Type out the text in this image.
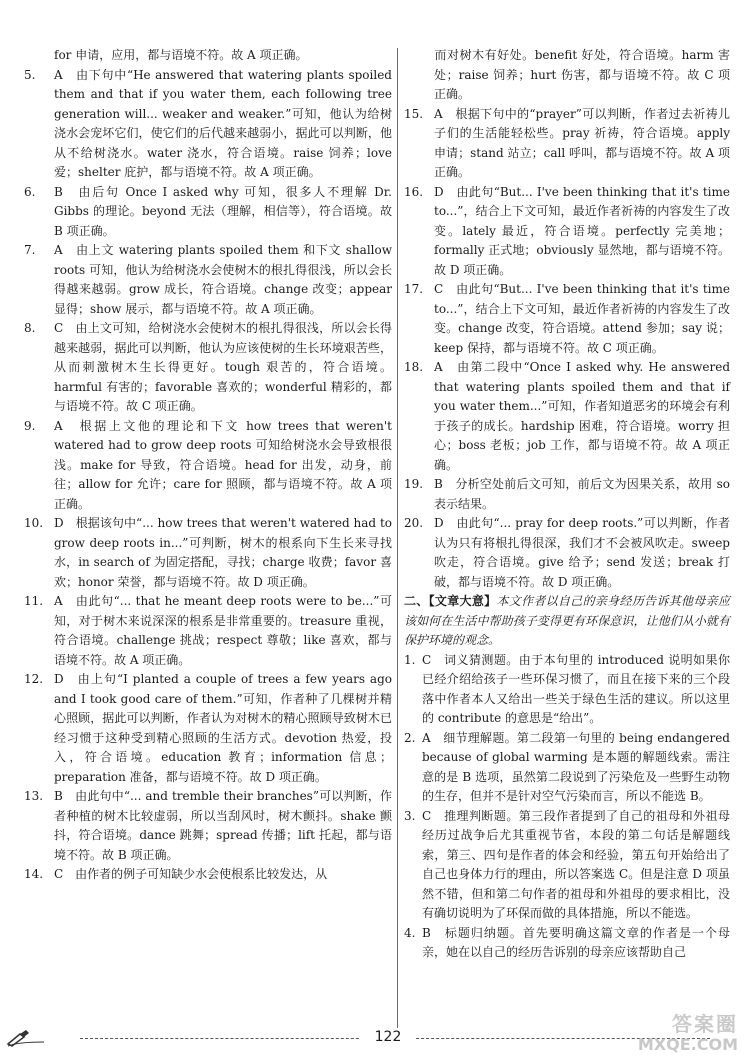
for 申请，应用，都与语境不符。故 A 项正确。

5. A　由下句中“He answered that watering plants spoiled them and that if you water them, each following tree generation will... weaker and weaker.”可知，他认为给树浇水会宠坏它们，使它们的后代越来越弱小，据此可以判断，他从不给树浇水。water 浇水，符合语境。raise 饲养；love 爱；shelter 庇护，都与语境不符。故 A 项正确。

6. B　由后句 Once I asked why 可知，很多人不理解 Dr. Gibbs 的理论。beyond 无法（理解，相信等），符合语境。故 B 项正确。

7. A　由上文 watering plants spoiled them 和下文 shallow roots 可知，他认为给树浇水会使树木的根扎得很浅，所以会长得越来越弱。grow 成长，符合语境。change 改变；appear 显得；show 展示，都与语境不符。故 A 项正确。

8. C　由上文可知，给树浇水会使树木的根扎得很浅，所以会长得越来越弱，据此可以判断，他认为应该使树的生长环境艰苦些，从而刺激树木生长得更好。tough 艰苦的，符合语境。harmful 有害的；favorable 喜欢的；wonderful 精彩的，都与语境不符。故 C 项正确。

9. A　根据上文他的理论和下文 how trees that weren't watered had to grow deep roots 可知给树浇水会导致根很浅。make for 导致，符合语境。head for 出发，动身，前往；allow for 允许；care for 照顾，都与语境不符。故 A 项正确。

10. D　根据该句中“... how trees that weren't watered had to grow deep roots in...”可判断，树木的根系向下生长来寻找水，in search of 为固定搭配，寻找；charge 收费；favor 喜欢；honor 荣誉，都与语境不符。故 D 项正确。

11. A　由此句“... that he meant deep roots were to be...”可知，对于树木来说深深的根系是非常重要的。treasure 重视，符合语境。challenge 挑战；respect 尊敬；like 喜欢，都与语境不符。故 A 项正确。

12. D　由上句“I planted a couple of trees a few years ago and I took good care of them.”可知，作者种了几棵树并精心照顾，据此可以判断，作者认为对树木的精心照顾导致树木已经习惯于这种受到精心照顾的生活方式。devotion 热爱，投入，符合语境。education 教育；information 信息；preparation 准备，都与语境不符。故 D 项正确。

13. B　由此句中“... and tremble their branches”可以判断，作者种植的树木比较虚弱，所以当刮风时，树木颤抖。shake 颤抖，符合语境。dance 跳舞；spread 传播；lift 托起，都与语境不符。故 B 项正确。

14. C　由作者的例子可知缺少水会使根系比较发达，从

而对树木有好处。benefit 好处，符合语境。harm 害处；raise 饲养；hurt 伤害，都与语境不符。故 C 项正确。

15. A　根据下句中的“prayer”可以判断，作者过去祈祷儿子们的生活能轻松些。pray 祈祷，符合语境。apply 申请；stand 站立；call 呼叫，都与语境不符。故 A 项正确。

16. D　由此句“But... I've been thinking that it's time to...”，结合上下文可知，最近作者祈祷的内容发生了改变。lately 最近，符合语境。perfectly 完美地；formally 正式地；obviously 显然地，都与语境不符。故 D 项正确。

17. C　由此句“But... I've been thinking that it's time to...”，结合上下文可知，最近作者祈祷的内容发生了改变。change 改变，符合语境。attend 参加；say 说；keep 保持，都与语境不符。故 C 项正确。

18. A　由第二段中“Once I asked why. He answered that watering plants spoiled them and that if you water them...”可知，作者知道恶劣的环境会有利于孩子的成长。hardship 困难，符合语境。worry 担心；boss 老板；job 工作，都与语境不符。故 A 项正确。

19. B　分析空处前后文可知，前后文为因果关系，故用 so 表示结果。

20. D　由此句“... pray for deep roots.”可以判断，作者认为只有将根扎得很深，我们才不会被风吹走。sweep 吹走，符合语境。give 给予；send 发送；break 打破，都与语境不符。故 D 项正确。

二、【文章大意】本文作者以自己的亲身经历告诉其他母亲应该如何在生活中帮助孩子变得更有环保意识，让他们从小就有保护环境的观念。

1. C　词义猜测题。由于本句里的 introduced 说明如果你已经介绍给孩子一些环保习惯了，而且在接下来的三个段落中作者本人又给出一些关于绿色生活的建议。所以这里的 contribute 的意思是“给出”。

2. A　细节理解题。第二段第一句里的 being endangered because of global warming 是本题的解题线索。需注意的是 B 选项，虽然第二段说到了污染危及一些野生动物的生存，但并不是针对空气污染而言，所以不能选 B。

3. C　推理判断题。第三段作者提到了自己的祖母和外祖母经历过战争后尤其重视节省，本段的第二句话是解题线索，第三、四句是作者的体会和经验，第五句开始给出了自己也身体力行的理由，所以答案选 C。但是注意 D 项虽然不错，但和第二句作者的祖母和外祖母的要求相比，没有确切说明为了环保而做的具体措施，所以不能选。

4. B　标题归纳题。首先要明确这篇文章的作者是一个母亲，她在以自己的经历告诉别的母亲应该帮助自己

122
答案圈
MXQE.COM
